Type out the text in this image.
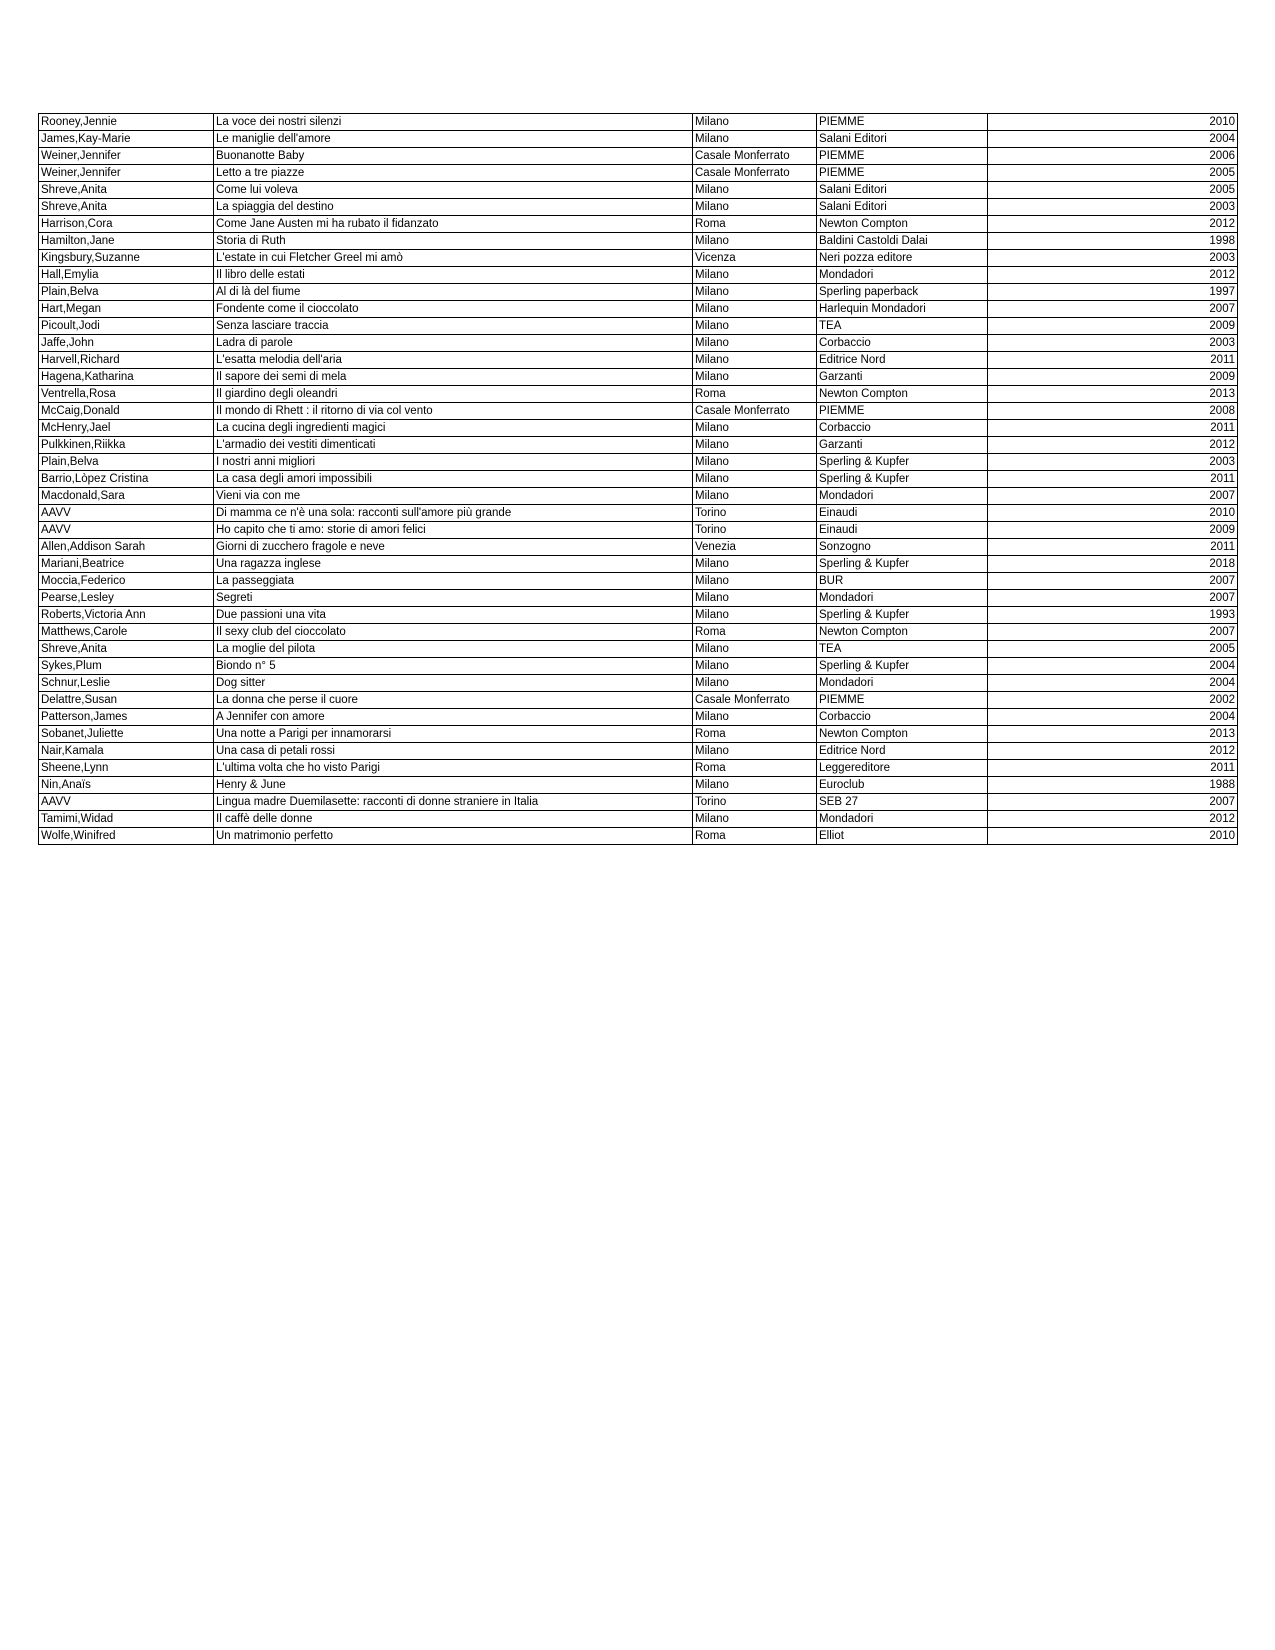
Rooney,Jennie	La voce dei nostri silenzi	Milano	PIEMME	2010
James,Kay-Marie	Le maniglie dell'amore	Milano	Salani Editori	2004
Weiner,Jennifer	Buonanotte Baby	Casale Monferrato	PIEMME	2006
Weiner,Jennifer	Letto a tre piazze	Casale Monferrato	PIEMME	2005
Shreve,Anita	Come lui voleva	Milano	Salani Editori	2005
Shreve,Anita	La spiaggia del destino	Milano	Salani Editori	2003
Harrison,Cora	Come Jane Austen mi ha rubato il fidanzato	Roma	Newton Compton	2012
Hamilton,Jane	Storia di Ruth	Milano	Baldini Castoldi Dalai	1998
Kingsbury,Suzanne	L'estate in cui Fletcher Greel mi amò	Vicenza	Neri pozza editore	2003
Hall,Emylia	Il libro delle estati	Milano	Mondadori	2012
Plain,Belva	Al di là del fiume	Milano	Sperling paperback	1997
Hart,Megan	Fondente come il cioccolato	Milano	Harlequin Mondadori	2007
Picoult,Jodi	Senza lasciare traccia	Milano	TEA	2009
Jaffe,John	Ladra di parole	Milano	Corbaccio	2003
Harvell,Richard	L'esatta melodia dell'aria	Milano	Editrice Nord	2011
Hagena,Katharina	Il sapore dei semi di mela	Milano	Garzanti	2009
Ventrella,Rosa	Il giardino degli oleandri	Roma	Newton Compton	2013
McCaig,Donald	Il mondo di Rhett : il ritorno di via col vento	Casale Monferrato	PIEMME	2008
McHenry,Jael	La cucina degli ingredienti magici	Milano	Corbaccio	2011
Pulkkinen,Riikka	L'armadio dei vestiti dimenticati	Milano	Garzanti	2012
Plain,Belva	I nostri anni migliori	Milano	Sperling & Kupfer	2003
Barrio,Lòpez Cristina	La casa degli amori impossibili	Milano	Sperling & Kupfer	2011
Macdonald,Sara	Vieni via con me	Milano	Mondadori	2007
AAVV	Di mamma ce n'è una sola: racconti sull'amore più grande	Torino	Einaudi	2010
AAVV	Ho capito che ti amo: storie di amori felici	Torino	Einaudi	2009
Allen,Addison Sarah	Giorni di zucchero fragole e neve	Venezia	Sonzogno	2011
Mariani,Beatrice	Una ragazza inglese	Milano	Sperling & Kupfer	2018
Moccia,Federico	La passeggiata	Milano	BUR	2007
Pearse,Lesley	Segreti	Milano	Mondadori	2007
Roberts,Victoria Ann	Due passioni una vita	Milano	Sperling & Kupfer	1993
Matthews,Carole	Il sexy club del cioccolato	Roma	Newton Compton	2007
Shreve,Anita	La moglie del pilota	Milano	TEA	2005
Sykes,Plum	Biondo n° 5	Milano	Sperling & Kupfer	2004
Schnur,Leslie	Dog sitter	Milano	Mondadori	2004
Delattre,Susan	La donna che perse il cuore	Casale Monferrato	PIEMME	2002
Patterson,James	A Jennifer con amore	Milano	Corbaccio	2004
Sobanet,Juliette	Una notte a Parigi per innamorarsi	Roma	Newton Compton	2013
Nair,Kamala	Una casa di petali rossi	Milano	Editrice Nord	2012
Sheene,Lynn	L'ultima volta che ho visto Parigi	Roma	Leggereditore	2011
Nin,Anaïs	Henry & June	Milano	Euroclub	1988
AAVV	Lingua madre Duemilasette: racconti di donne straniere in Italia	Torino	SEB 27	2007
Tamimi,Widad	Il caffè delle donne	Milano	Mondadori	2012
Wolfe,Winifred	Un matrimonio perfetto	Roma	Elliot	2010
